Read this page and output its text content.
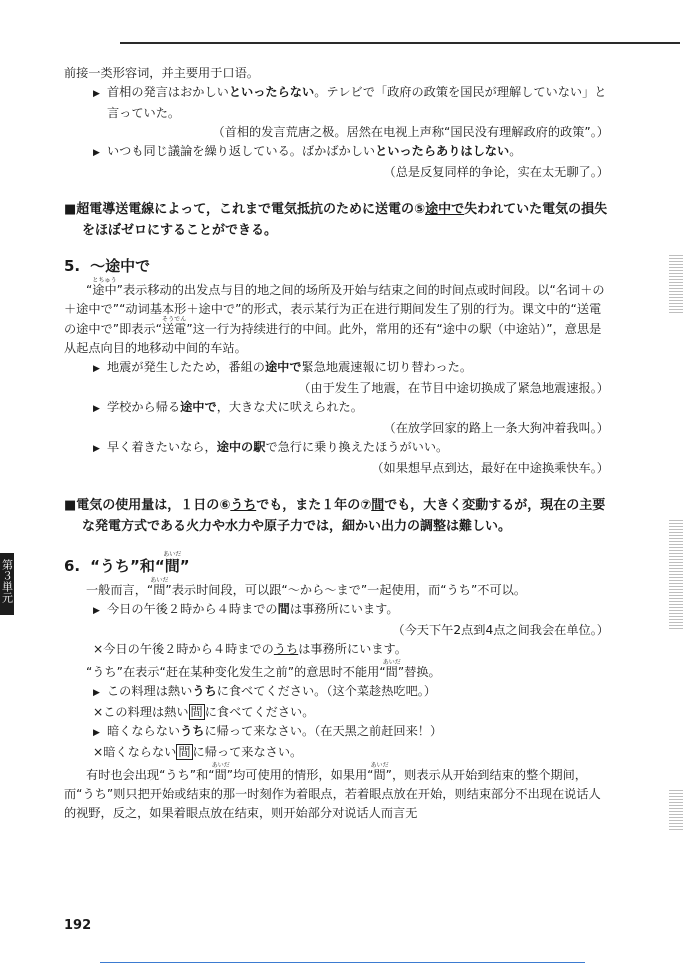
第３単元
前接一类形容词，并主要用于口语。
▶ 首相の発言はおかしいといったらない。テレビで「政府の政策を国民が理解していない」と言っていた。
（首相的发言荒唐之极。居然在电视上声称“国民没有理解政府的政策”。）
▶ いつも同じ議論を繰り返している。ばかばかしいといったらありはしない。
（总是反复同样的争论，实在太无聊了。）
■超電導送電線によって，これまで電気抵抗のために送電の⑤途中で失われていた電気の損失をほぼゼロにすることができる。
5. ～途中で
“途中とちゅう”表示移动的出发点与目的地之间的场所及开始与结束之间的时间点或时间段。以“名词＋の＋途中で”“动词基本形＋途中で”的形式，表示某行为正在进行期间发生了别的行为。课文中的“送電の途中で”即表示“送電そうでん”这一行为持续进行的中间。此外，常用的还有“途中の駅（中途站）”，意思是从起点向目的地移动中间的车站。
▶ 地震が発生したため，番組の途中で緊急地震速報に切り替わった。
（由于发生了地震，在节目中途切换成了紧急地震速报。）
▶ 学校から帰る途中で，大きな犬に吠えられた。
（在放学回家的路上一条大狗冲着我叫。）
▶ 早く着きたいなら，途中の駅で急行に乗り換えたほうがいい。
（如果想早点到达，最好在中途换乘快车。）
■電気の使用量は，１日の⑥うちでも，また１年の⑦間でも，大きく変動するが，現在の主要な発電方式である火力や水力や原子力では，細かい出力の調整は難しい。
6. “うち”和“間あいだ”
一般而言，“間あいだ”表示时间段，可以跟“～から～まで”一起使用，而“うち”不可以。
▶ 今日の午後２時から４時までの間は事務所にいます。
（今天下午2点到4点之间我会在单位。）
×今日の午後２時から４時までのうちは事務所にいます。
“うち”在表示“赶在某种变化发生之前”的意思时不能用“間あいだ”替换。
▶ この料理は熱いうちに食べてください。（这个菜趁热吃吧。）
×この料理は熱い 間 に食べてください。
▶ 暗くならないうちに帰って来なさい。（在天黑之前赶回来！）
×暗くならない 間 に帰って来なさい。
有时也会出现“うち”和“間あいだ”均可使用的情形，如果用“間あいだ”，则表示从开始到结束的整个期间，而“うち”则只把开始或结束的那一时刻作为着眼点，若着眼点放在开始，则结束部分不出现在说话人的视野，反之，如果着眼点放在结束，则开始部分对说话人而言无
192
